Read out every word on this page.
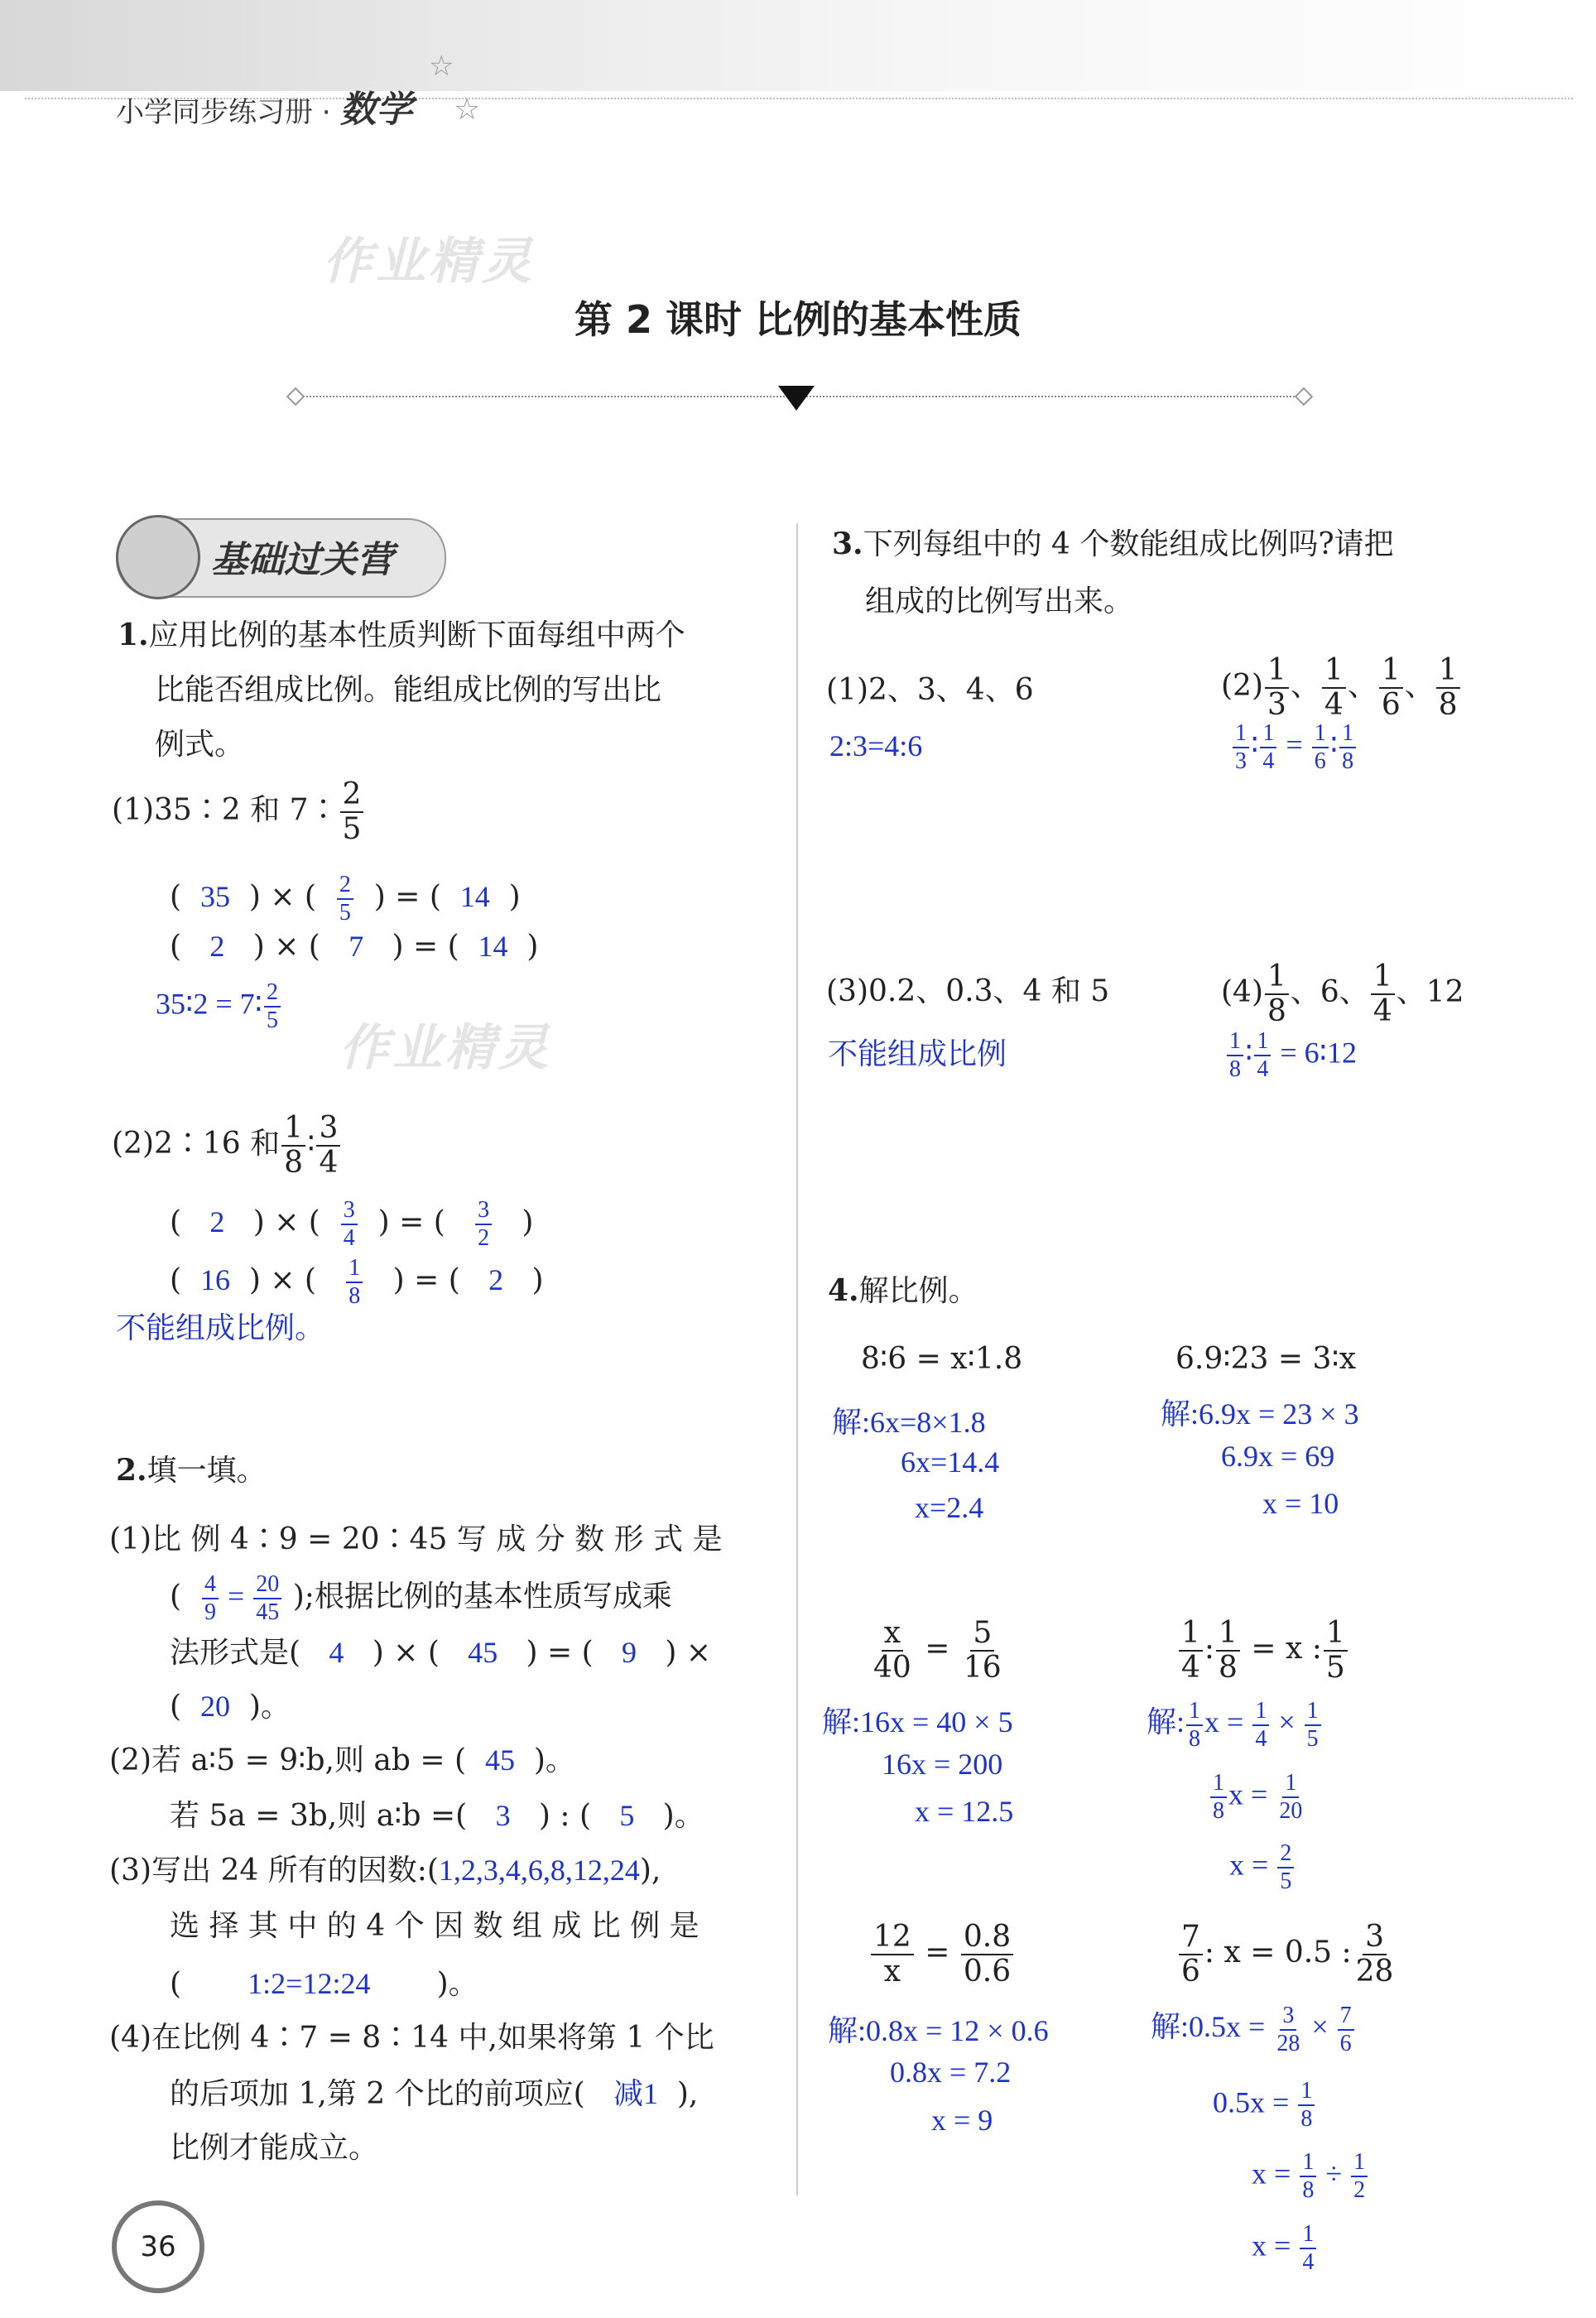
小学同步练习册 · 数学
☆
☆
作业精灵
第 2 课时 比例的基本性质
基础过关营
1.应用比例的基本性质判断下面每组中两个
比能否组成比例。能组成比例的写出比
例式。
(1)35∶2 和 7∶ $\frac{2}{5}$
(  35  ) × ( $\frac{2}{5}$ ) = (  14  )
(   2   ) × (   7   ) = (  14  )
35∶2 = 7∶ $\frac{2}{5}$
作业精灵
(2)2∶16 和 $\frac{1}{8}$ ∶ $\frac{3}{4}$
(   2   ) × ( $\frac{3}{4}$ ) = ( $\frac{3}{2}$ )
(  16  ) × ( $\frac{1}{8}$ ) = (   2   )
不能组成比例。
2.填一填。
(1)比 例 4∶9 = 20∶45 写 成 分 数 形 式 是
( $\frac{4}{9} = \frac{20}{45}$ );根据比例的基本性质写成乘
法形式是( 4   ) × (   45   ) = (   9   ) ×
(  20  )。
(2)若 a∶5 = 9∶b,则 ab = ( 45  )。
若 5a = 3b,则 a∶b =( 3   ) : (   5   )。
(3)写出 24 所有的因数:(1,2,3,4,6,8,12,24),
选 择 其 中 的 4 个 因 数 组 成 比 例 是
(       1:2=12:24       )。
(4)在比例 4∶7 = 8∶14 中,如果将第 1 个比
的后项加 1,第 2 个比的前项应( 减1  ),
比例才能成立。
3.下列每组中的 4 个数能组成比例吗?请把
组成的比例写出来。
(1)2、3、4、6
2:3=4:6
$(2) \frac{1}{3}$ 、 $\frac{1}{4}$ 、 $\frac{1}{6}$ 、 $\frac{1}{8}$
$\frac{1}{3}$ ∶ $\frac{1}{4} = \frac{1}{6}$ ∶ $\frac{1}{8}$
(3)0.2、0.3、4 和 5
不能组成比例
$(4) \frac{1}{8}$ 、6、 $\frac{1}{4}$ 、12
$\frac{1}{8}$ ∶ $\frac{1}{4}$ = 6∶12
4.解比例。
8∶6 = x∶1.8
解:6x=8×1.8
6x=14.4
x=2.4
6.9∶23 = 3∶x
解:6.9x = 23 × 3
6.9x = 69
x = 10
$\frac{x}{40} = \frac{5}{16}$
解:16x = 40 × 5
16x = 200
x = 12.5
$\frac{1}{4}$ : $\frac{1}{8} = x$ : $\frac{1}{5}$
解: $\frac{1}{8}$ $x = \frac{1}{4} \times \frac{1}{5}$
$\frac{1}{8}$ $x = \frac{1}{20}$
$x = \frac{2}{5}$
$\frac{12}{x} = \frac{0.8}{0.6}$
解:0.8x = 12 × 0.6
0.8x = 7.2
x = 9
$\frac{7}{6}$ : x = 0.5 : $\frac{3}{28}$
解:0.5x = $\frac{3}{28} \times \frac{7}{6}$
$0.5x = \frac{1}{8}$
$x = \frac{1}{8} \div \frac{1}{2}$
$x = \frac{1}{4}$
36
